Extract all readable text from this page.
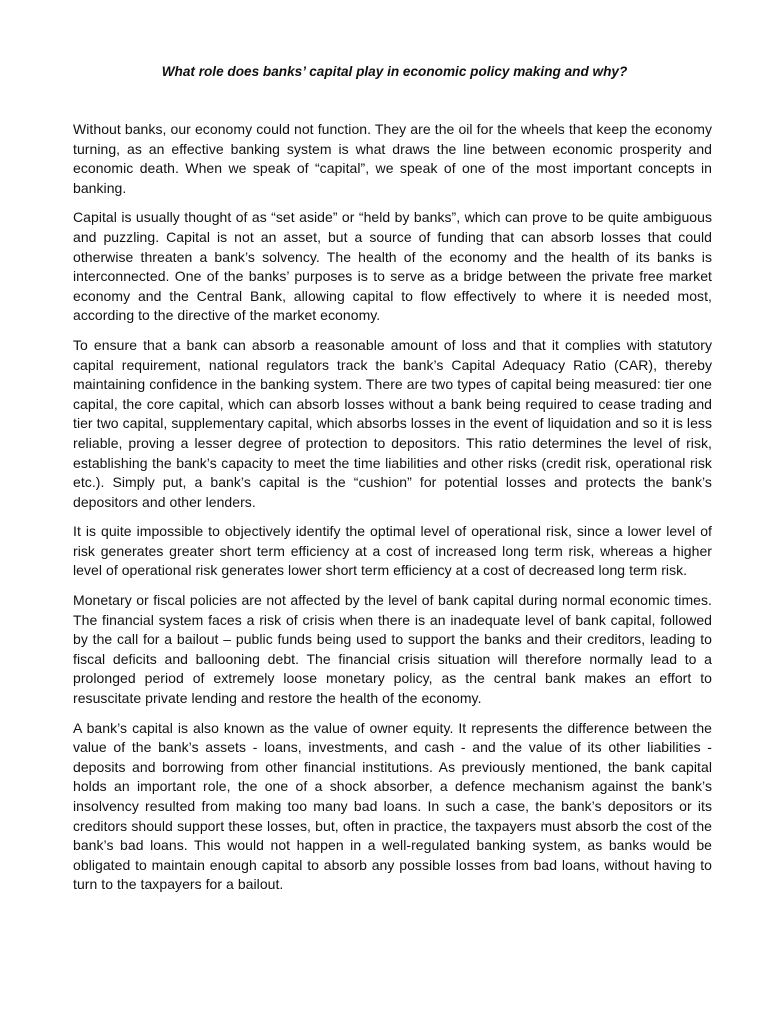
What role does banks’ capital play in economic policy making and why?

Without banks, our economy could not function. They are the oil for the wheels that keep the economy turning, as an effective banking system is what draws the line between economic prosperity and economic death. When we speak of “capital”, we speak of one of the most important concepts in banking.

Capital is usually thought of as “set aside” or “held by banks”, which can prove to be quite ambiguous and puzzling. Capital is not an asset, but a source of funding that can absorb losses that could otherwise threaten a bank’s solvency. The health of the economy and the health of its banks is interconnected. One of the banks’ purposes is to serve as a bridge between the private free market economy and the Central Bank, allowing capital to flow effectively to where it is needed most, according to the directive of the market economy.

To ensure that a bank can absorb a reasonable amount of loss and that it complies with statutory capital requirement, national regulators track the bank’s Capital Adequacy Ratio (CAR), thereby maintaining confidence in the banking system. There are two types of capital being measured: tier one capital, the core capital, which can absorb losses without a bank being required to cease trading and tier two capital, supplementary capital, which absorbs losses in the event of liquidation and so it is less reliable, proving a lesser degree of protection to depositors. This ratio determines the level of risk, establishing the bank’s capacity to meet the time liabilities and other risks (credit risk, operational risk etc.). Simply put, a bank’s capital is the “cushion” for potential losses and protects the bank’s depositors and other lenders.

It is quite impossible to objectively identify the optimal level of operational risk, since a lower level of risk generates greater short term efficiency at a cost of increased long term risk, whereas a higher level of operational risk generates lower short term efficiency at a cost of decreased long term risk.

Monetary or fiscal policies are not affected by the level of bank capital during normal economic times. The financial system faces a risk of crisis when there is an inadequate level of bank capital, followed by the call for a bailout – public funds being used to support the banks and their creditors, leading to fiscal deficits and ballooning debt. The financial crisis situation will therefore normally lead to a prolonged period of extremely loose monetary policy, as the central bank makes an effort to resuscitate private lending and restore the health of the economy.

A bank’s capital is also known as the value of owner equity. It represents the difference between the value of the bank’s assets - loans, investments, and cash - and the value of its other liabilities - deposits and borrowing from other financial institutions. As previously mentioned, the bank capital holds an important role, the one of a shock absorber, a defence mechanism against the bank’s insolvency resulted from making too many bad loans. In such a case, the bank’s depositors or its creditors should support these losses, but, often in practice, the taxpayers must absorb the cost of the bank’s bad loans. This would not happen in a well-regulated banking system, as banks would be obligated to maintain enough capital to absorb any possible losses from bad loans, without having to turn to the taxpayers for a bailout.
